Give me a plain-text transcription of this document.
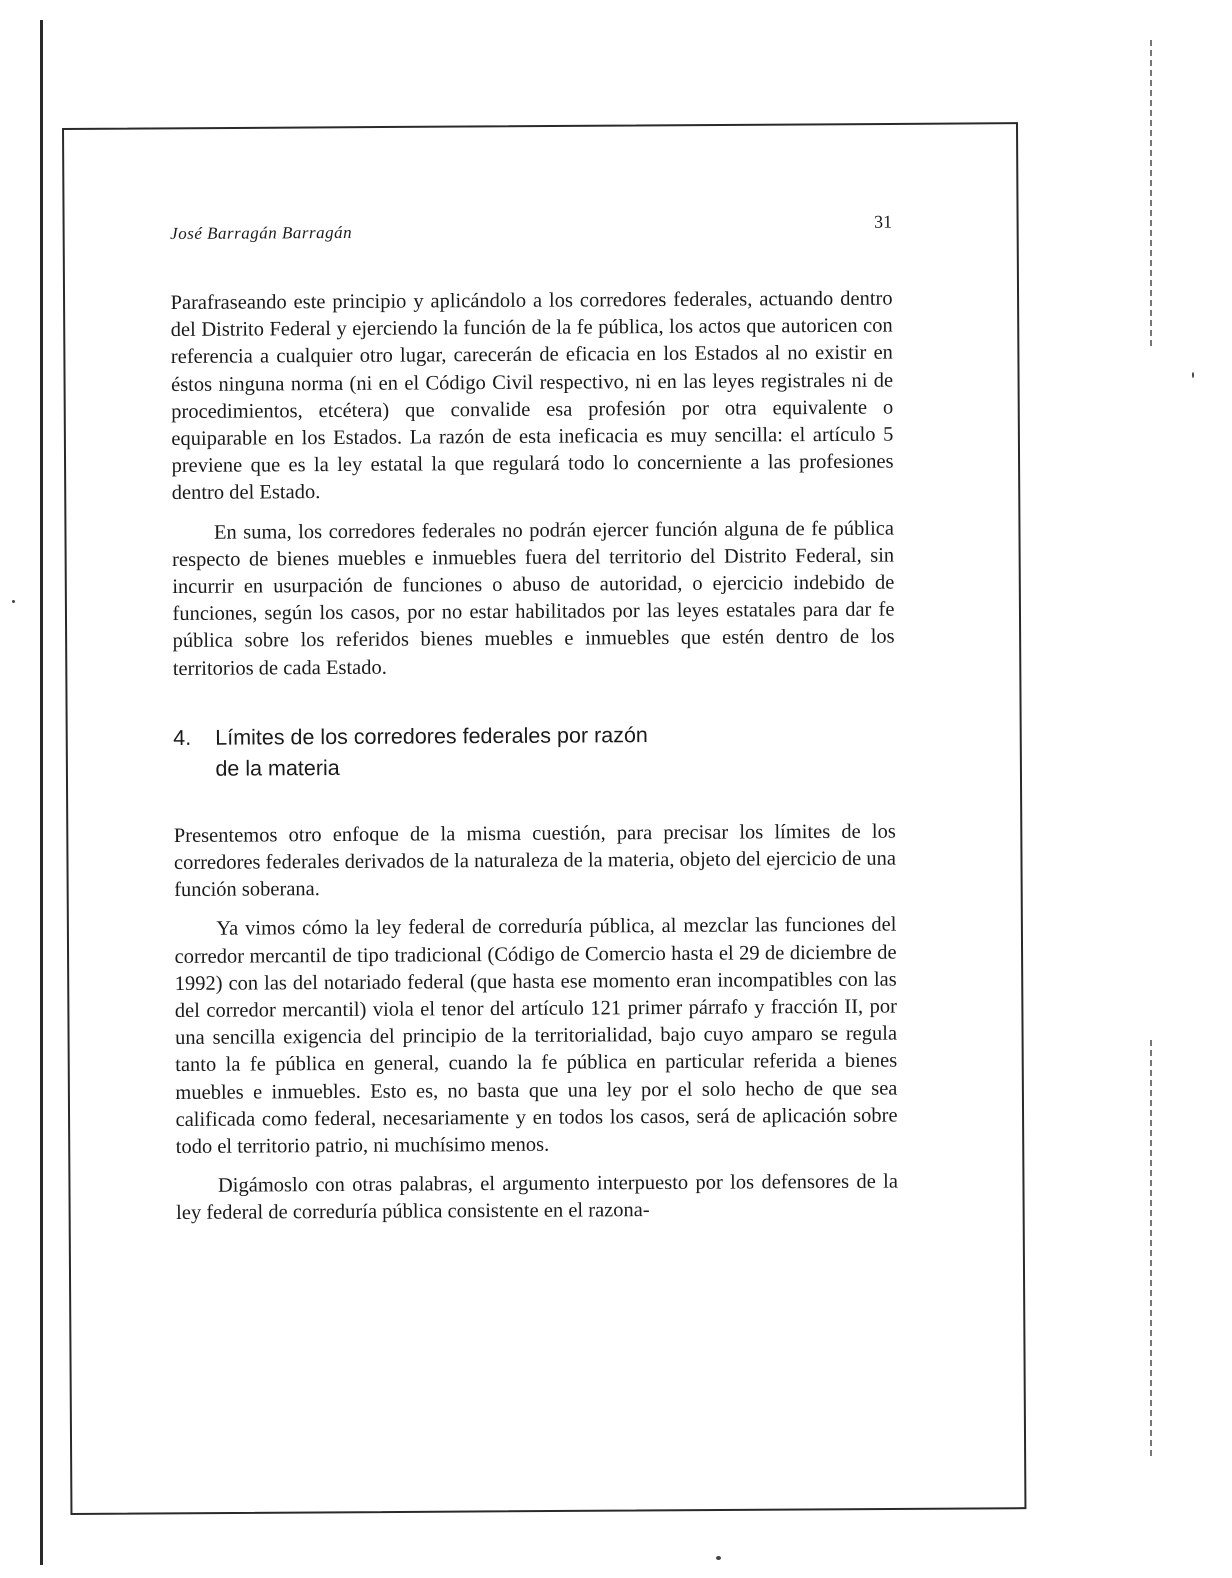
José Barragán Barragán
31

Parafraseando este principio y aplicándolo a los corredores federales, actuando dentro del Distrito Federal y ejerciendo la función de la fe pública, los actos que autoricen con referencia a cualquier otro lugar, carecerán de eficacia en los Estados al no existir en éstos ninguna norma (ni en el Código Civil respectivo, ni en las leyes registrales ni de procedimientos, etcétera) que convalide esa profesión por otra equivalente o equiparable en los Estados. La razón de esta ineficacia es muy sencilla: el artículo 5 previene que es la ley estatal la que regulará todo lo concerniente a las profesiones dentro del Estado.

En suma, los corredores federales no podrán ejercer función alguna de fe pública respecto de bienes muebles e inmuebles fuera del territorio del Distrito Federal, sin incurrir en usurpación de funciones o abuso de autoridad, o ejercicio indebido de funciones, según los casos, por no estar habilitados por las leyes estatales para dar fe pública sobre los referidos bienes muebles e inmuebles que estén dentro de los territorios de cada Estado.

4.	Límites de los corredores federales por razón de la materia

Presentemos otro enfoque de la misma cuestión, para precisar los límites de los corredores federales derivados de la naturaleza de la materia, objeto del ejercicio de una función soberana.

Ya vimos cómo la ley federal de correduría pública, al mezclar las funciones del corredor mercantil de tipo tradicional (Código de Comercio hasta el 29 de diciembre de 1992) con las del notariado federal (que hasta ese momento eran incompatibles con las del corredor mercantil) viola el tenor del artículo 121 primer párrafo y fracción II, por una sencilla exigencia del principio de la territorialidad, bajo cuyo amparo se regula tanto la fe pública en general, cuando la fe pública en particular referida a bienes muebles e inmuebles. Esto es, no basta que una ley por el solo hecho de que sea calificada como federal, necesariamente y en todos los casos, será de aplicación sobre todo el territorio patrio, ni muchísimo menos.

Digámoslo con otras palabras, el argumento interpuesto por los defensores de la ley federal de correduría pública consistente en el razona-
